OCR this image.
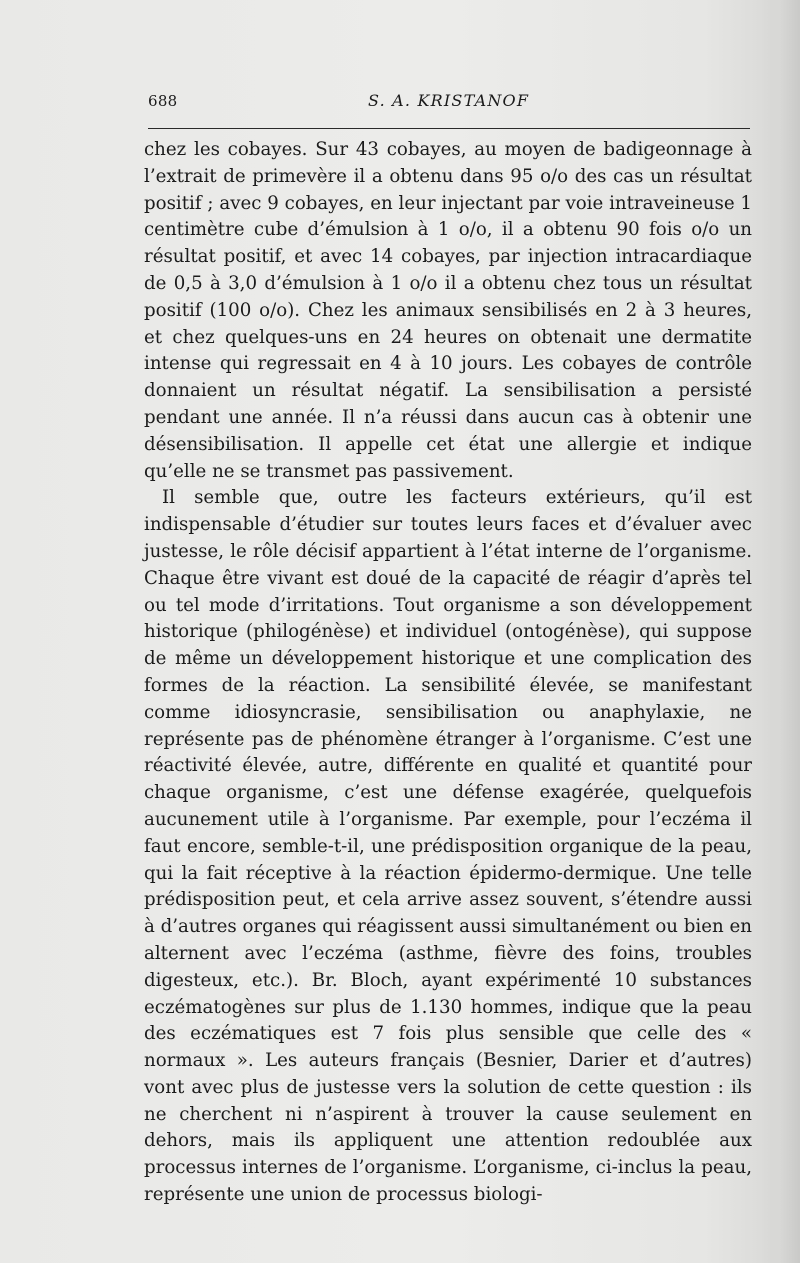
688	S. A. KRISTANOF

chez les cobayes. Sur 43 cobayes, au moyen de badigeonnage à l’extrait de primevère il a obtenu dans 95 o/o des cas un résultat positif ; avec 9 cobayes, en leur injectant par voie intraveineuse 1 centimètre cube d’émulsion à 1 o/o, il a obtenu 90 fois o/o un résultat positif, et avec 14 cobayes, par injection intracardiaque de 0,5 à 3,0 d’émulsion à 1 o/o il a obtenu chez tous un résultat positif (100 o/o). Chez les animaux sensibilisés en 2 à 3 heures, et chez quelques-uns en 24 heures on obtenait une dermatite intense qui regressait en 4 à 10 jours. Les cobayes de contrôle donnaient un résultat négatif. La sensibilisation a persisté pendant une année. Il n’a réussi dans aucun cas à obtenir une désensibilisation. Il appelle cet état une allergie et indique qu’elle ne se transmet pas passivement.

Il semble que, outre les facteurs extérieurs, qu’il est indispensable d’étudier sur toutes leurs faces et d’évaluer avec justesse, le rôle décisif appartient à l’état interne de l’organisme. Chaque être vivant est doué de la capacité de réagir d’après tel ou tel mode d’irritations. Tout organisme a son développement historique (philogénèse) et individuel (ontogénèse), qui suppose de même un développement historique et une complication des formes de la réaction. La sensibilité élevée, se manifestant comme idiosyncrasie, sensibilisation ou anaphylaxie, ne représente pas de phénomène étranger à l’organisme. C’est une réactivité élevée, autre, différente en qualité et quantité pour chaque organisme, c’est une défense exagérée, quelquefois aucunement utile à l’organisme. Par exemple, pour l’eczéma il faut encore, semble-t-il, une prédisposition organique de la peau, qui la fait réceptive à la réaction épidermo-dermique. Une telle prédisposition peut, et cela arrive assez souvent, s’étendre aussi à d’autres organes qui réagissent aussi simultanément ou bien en alternent avec l’eczéma (asthme, fièvre des foins, troubles digesteux, etc.). Br. Bloch, ayant expérimenté 10 substances eczématogènes sur plus de 1.130 hommes, indique que la peau des eczématiques est 7 fois plus sensible que celle des « normaux ». Les auteurs français (Besnier, Darier et d’autres) vont avec plus de justesse vers la solution de cette question : ils ne cherchent ni n’aspirent à trouver la cause seulement en dehors, mais ils appliquent une attention redoublée aux processus internes de l’organisme. L’organisme, ci-inclus la peau, représente une union de processus biologi-
